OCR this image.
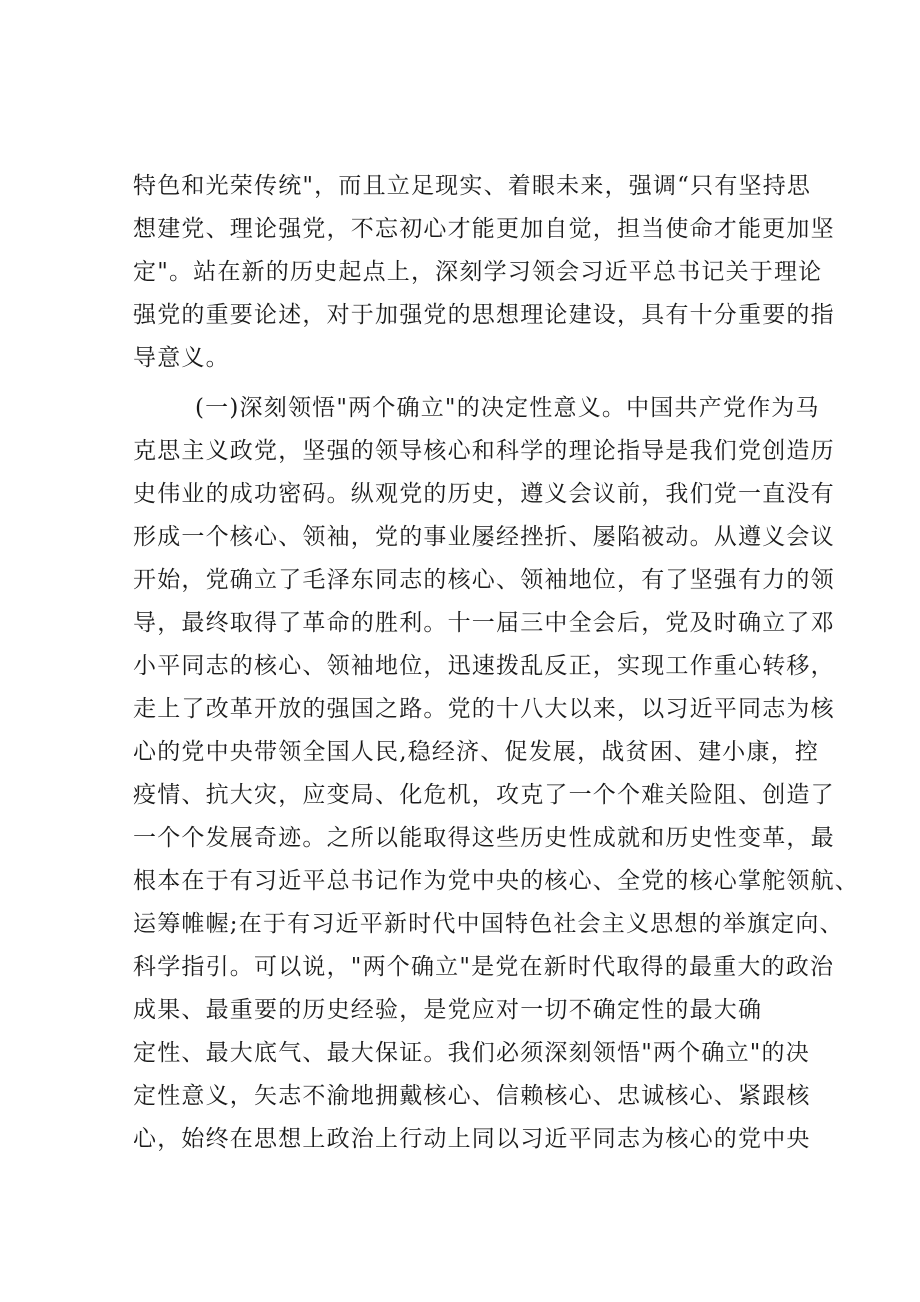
特色和光荣传统"，而且立足现实、着眼未来，强调“只有坚持思
想建党、理论强党，不忘初心才能更加自觉，担当使命才能更加坚
定"。站在新的历史起点上，深刻学习领会习近平总书记关于理论
强党的重要论述，对于加强党的思想理论建设，具有十分重要的指
导意义。
(一)深刻领悟"两个确立"的决定性意义。中国共产党作为马
克思主义政党，坚强的领导核心和科学的理论指导是我们党创造历
史伟业的成功密码。纵观党的历史，遵义会议前，我们党一直没有
形成一个核心、领袖，党的事业屡经挫折、屡陷被动。从遵义会议
开始，党确立了毛泽东同志的核心、领袖地位，有了坚强有力的领
导，最终取得了革命的胜利。十一届三中全会后，党及时确立了邓
小平同志的核心、领袖地位，迅速拨乱反正，实现工作重心转移，
走上了改革开放的强国之路。党的十八大以来，以习近平同志为核
心的党中央带领全国人民,稳经济、促发展，战贫困、建小康，控
疫情、抗大灾，应变局、化危机，攻克了一个个难关险阻、创造了
一个个发展奇迹。之所以能取得这些历史性成就和历史性变革，最
根本在于有习近平总书记作为党中央的核心、全党的核心掌舵领航、
运筹帷幄;在于有习近平新时代中国特色社会主义思想的举旗定向、
科学指引。可以说，"两个确立"是党在新时代取得的最重大的政治
成果、最重要的历史经验，是党应对一切不确定性的最大确
定性、最大底气、最大保证。我们必须深刻领悟"两个确立"的决
定性意义，矢志不渝地拥戴核心、信赖核心、忠诚核心、紧跟核
心，始终在思想上政治上行动上同以习近平同志为核心的党中央
